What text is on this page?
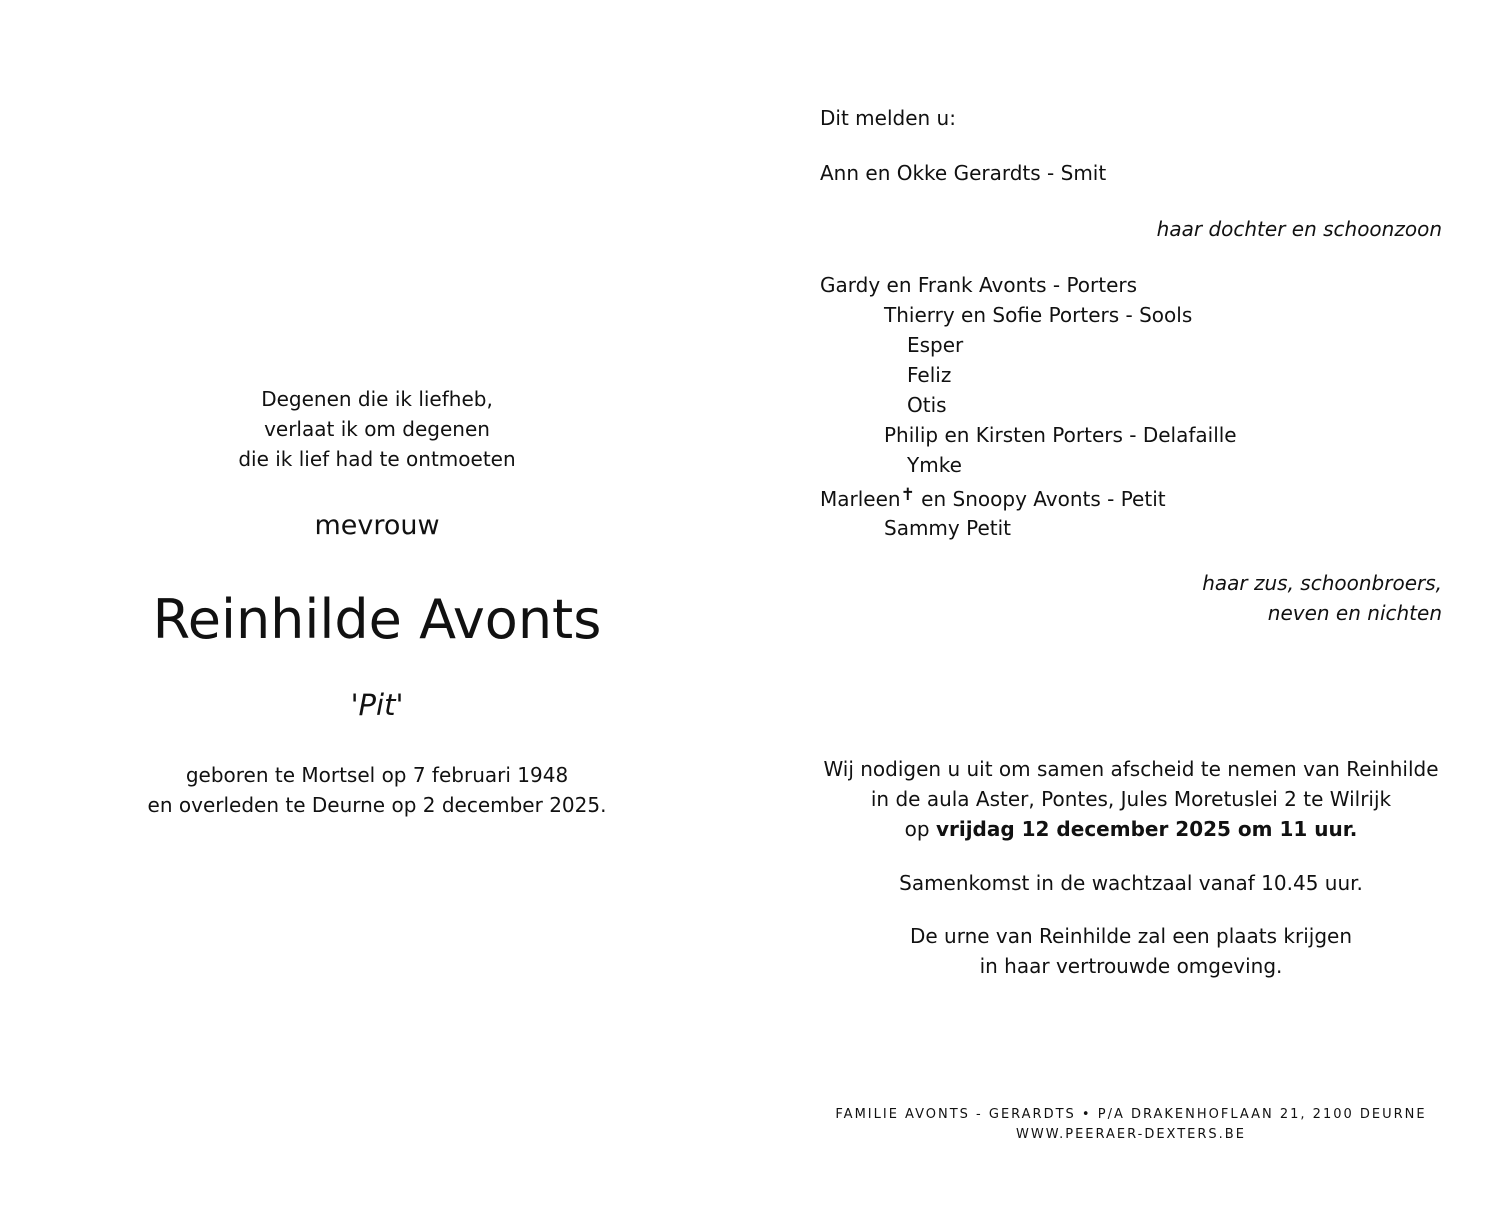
Degenen die ik liefheb,
verlaat ik om degenen
die ik lief had te ontmoeten
mevrouw
Reinhilde Avonts
'Pit'
geboren te Mortsel op 7 februari 1948
en overleden te Deurne op 2 december 2025.
Dit melden u:
Ann en Okke Gerardts - Smit
haar dochter en schoonzoon
Gardy en Frank Avonts - Porters
Thierry en Sofie Porters - Sools
Esper
Feliz
Otis
Philip en Kirsten Porters - Delafaille
Ymke
Marleen✝ en Snoopy Avonts - Petit
Sammy Petit
haar zus, schoonbroers,
neven en nichten
Wij nodigen u uit om samen afscheid te nemen van Reinhilde
in de aula Aster, Pontes, Jules Moretuslei 2 te Wilrijk
op vrijdag 12 december 2025 om 11 uur.
Samenkomst in de wachtzaal vanaf 10.45 uur.
De urne van Reinhilde zal een plaats krijgen
in haar vertrouwde omgeving.
FAMILIE AVONTS - GERARDTS • P/A DRAKENHOFLAAN 21, 2100 DEURNE
WWW.PEERAER-DEXTERS.BE
